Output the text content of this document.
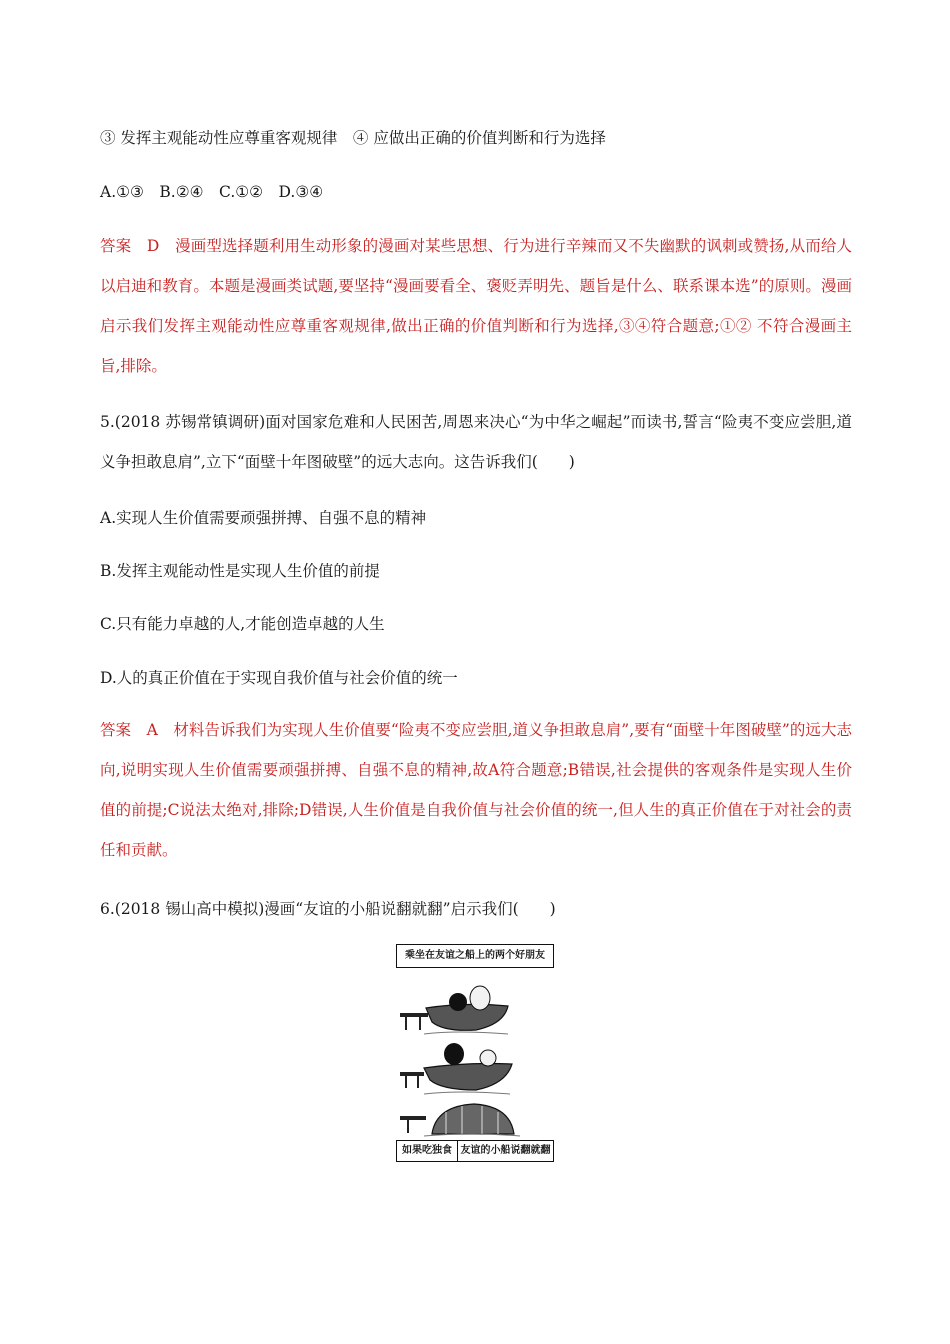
③ 发挥主观能动性应尊重客观规律　④ 应做出正确的价值判断和行为选择
A.①③　B.②④　C.①②　D.③④
答案　D　漫画型选择题利用生动形象的漫画对某些思想、行为进行辛辣而又不失幽默的讽刺或赞扬,从而给人以启迪和教育。本题是漫画类试题,要坚持“漫画要看全、褒贬弄明先、题旨是什么、联系课本选”的原则。漫画启示我们发挥主观能动性应尊重客观规律,做出正确的价值判断和行为选择,③④符合题意;①② 不符合漫画主旨,排除。
5.(2018 苏锡常镇调研)面对国家危难和人民困苦,周恩来决心“为中华之崛起”而读书,誓言“险夷不变应尝胆,道义争担敢息肩”,立下“面壁十年图破壁”的远大志向。这告诉我们(　　)
A.实现人生价值需要顽强拼搏、自强不息的精神
B.发挥主观能动性是实现人生价值的前提
C.只有能力卓越的人,才能创造卓越的人生
D.人的真正价值在于实现自我价值与社会价值的统一
答案　A　材料告诉我们为实现人生价值要“险夷不变应尝胆,道义争担敢息肩”,要有“面壁十年图破壁”的远大志向,说明实现人生价值需要顽强拼搏、自强不息的精神,故A符合题意;B错误,社会提供的客观条件是实现人生价值的前提;C说法太绝对,排除;D错误,人生价值是自我价值与社会价值的统一,但人生的真正价值在于对社会的责任和贡献。
6.(2018 锡山高中模拟)漫画“友谊的小船说翻就翻”启示我们(　　)
乘坐在友谊之船上的两个好朋友
如果吃独食 友谊的小船说翻就翻
